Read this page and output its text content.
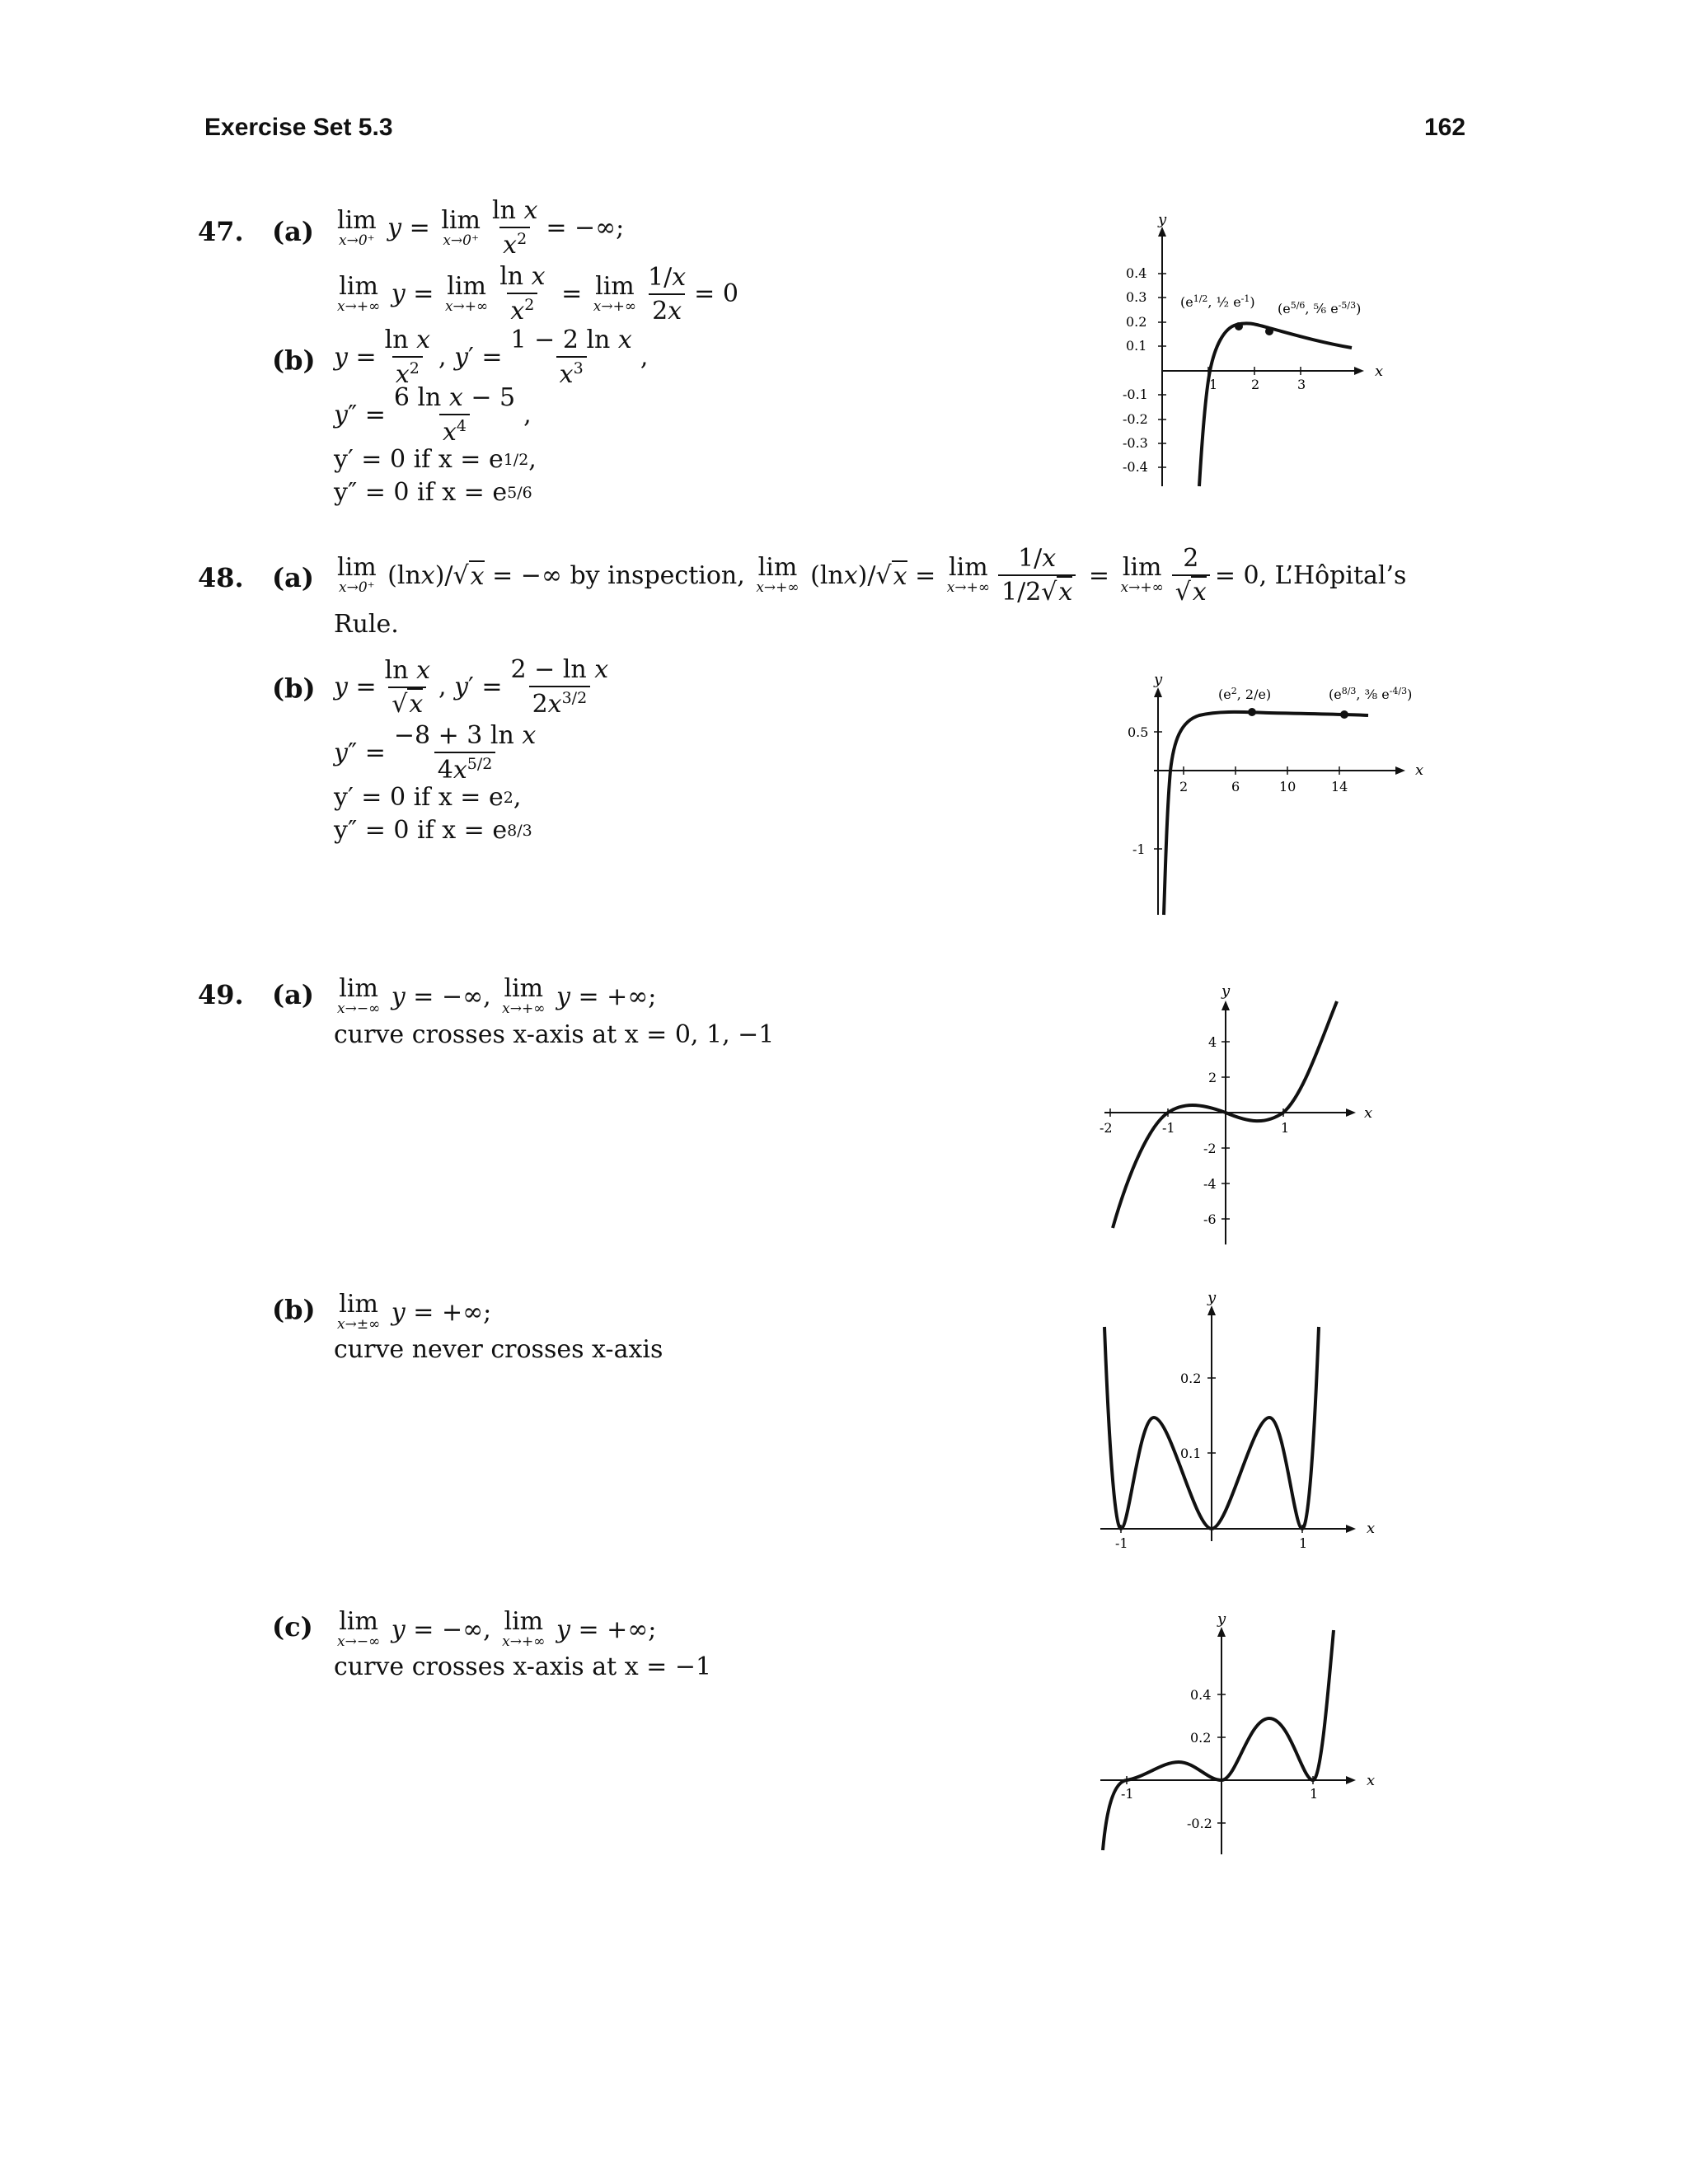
Exercise Set 5.3	162
47. (a) lim
x→0⁺ y = lim
$x\to 0^+ \frac{\text{ln x}}{x^2}$ = −∞;
lim
x→+∞ y = lim
$x\to+\infty \frac{\text{ln x}}{x^2} = \lim$
$x\to+\infty \frac{1/x}{2x} = 0$
(b) $y = \frac{\text{ln x}}{x^2}$ , y ′ = $\frac{\text{1 − 2 ln x}}{x^3}$ ,
y ″ = $\frac{\text{6 ln x − 5}}{x^4}$ ,
y′ = 0 if x = e 1/2 ,
y″ = 0 if x = e 5/6
x
y
0.4
0.3
0.2
0.1
-0.1
-0.2
-0.3
-0.4
1	2	3
($e^{1/2}$, ½ $e^{-1}$) ($e^{5/6}$, ⅚ $e^{-5/3}$)
48. (a) lim
x→0⁺ (ln x )/√ x = −∞ by inspection,
lim
x→+∞ (ln x )/√ x = lim
$x\to+\infty \frac{1/x}{1/2√x} = \lim$
$x\to+\infty \frac{2}{√x} = 0$, L’Hôpital’s
Rule.
(b) $y = \frac{\text{ln x}}{√x}$ , y ′ = $\frac{\text{2 − ln x}}{2x^{3/2}}$
y ″ = $\frac{\text{−8 + 3 ln x}}{4x^{5/2}}$
y′ = 0 if x = e 2 ,
y″ = 0 if x = e 8/3
x
y
0.5
-1
2	6	10	14
($e^2$, 2/e)	($e^{8/3}$, ⅜ $e^{-4/3}$)
49. (a) lim
x→−∞
y = −∞, lim
x→+∞
y = +∞;
curve crosses x-axis at x = 0, 1, −1
x
y
4
2
-2
-4
-6
-2	-1	1
(b) lim
x→±∞
y = +∞;
curve never crosses x-axis
x
y
0.2
0.1
-1	1
(c) lim
x→−∞
y = −∞, lim
x→+∞
y = +∞;
curve crosses x-axis at x = −1
x
y
0.4
0.2
-0.2
-1	1
